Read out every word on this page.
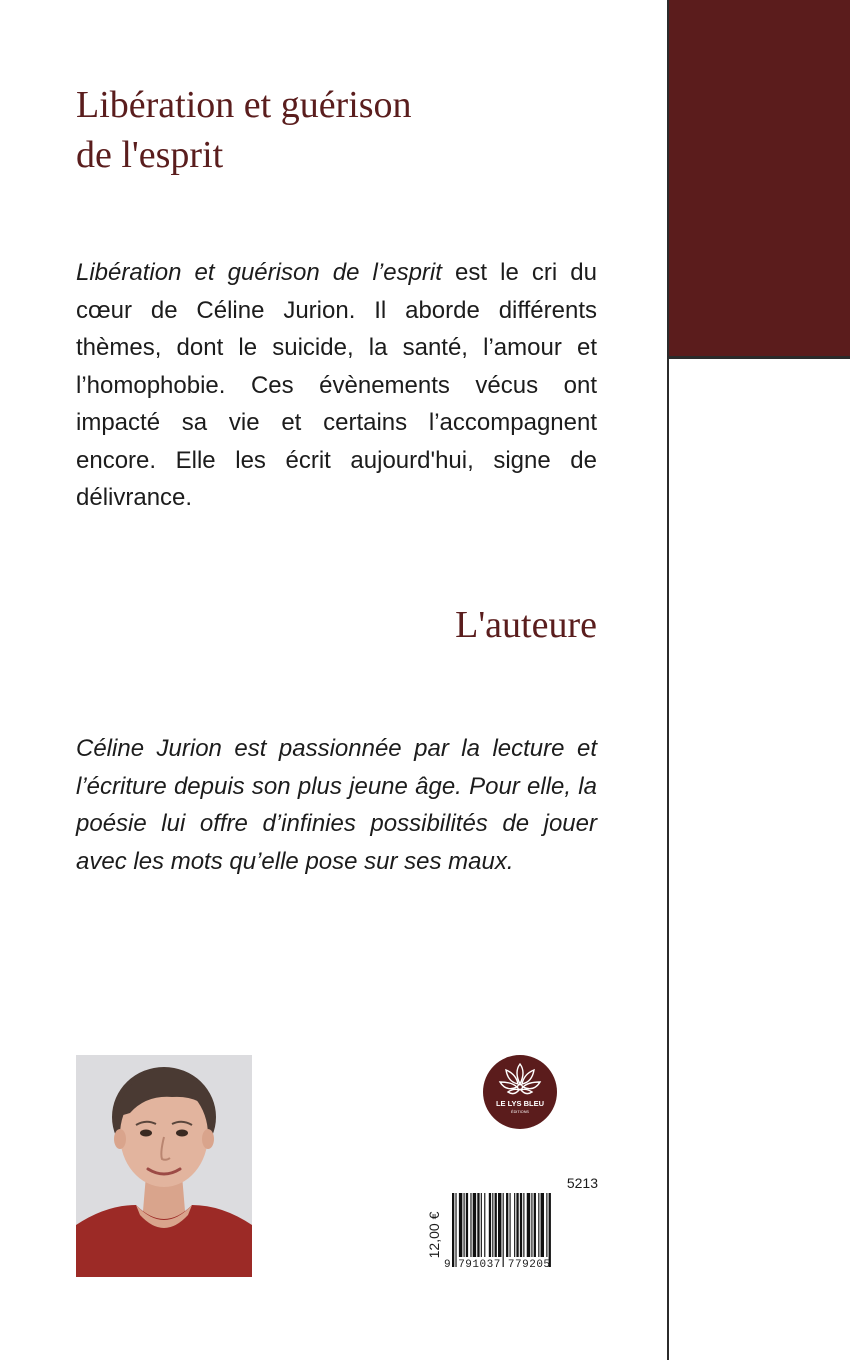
Libération et guérison
de l'esprit

Libération et guérison de l’esprit est le cri du cœur de Céline Jurion. Il aborde différents thèmes, dont le suicide, la santé, l’amour et l’homophobie. Ces évènements vécus ont impacté sa vie et certains l’accompagnent encore. Elle les écrit aujourd'hui, signe de délivrance.

L'auteure

Céline Jurion est passionnée par la lecture et l’écriture depuis son plus jeune âge. Pour elle, la poésie lui offre d’infinies possibilités de jouer avec les mots qu’elle pose sur ses maux.

LE LYS BLEU
ÉDITIONS
5213
12,00 €
9 791037 779205
